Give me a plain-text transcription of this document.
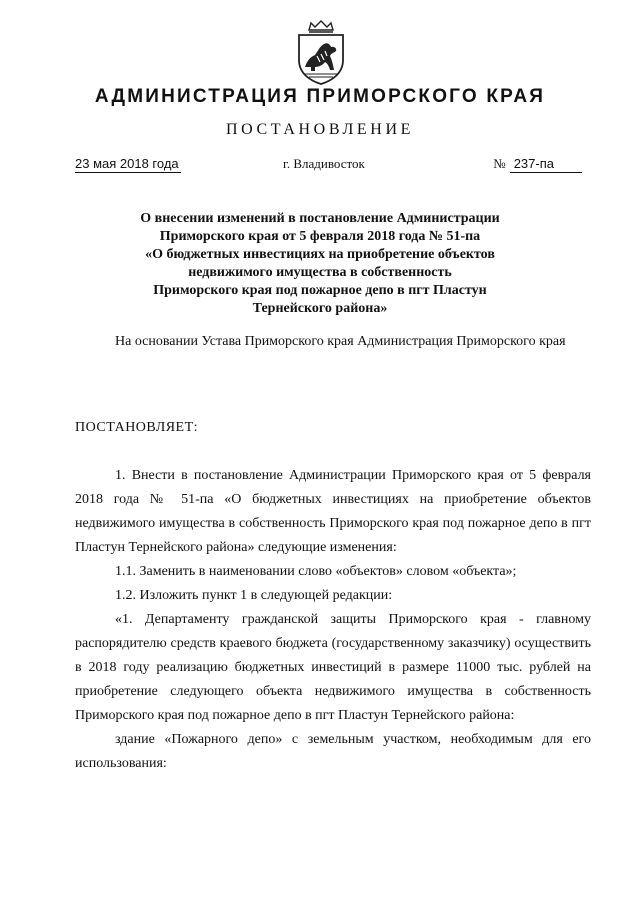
АДМИНИСТРАЦИЯ ПРИМОРСКОГО КРАЯ
ПОСТАНОВЛЕНИЕ
23 мая 2018 года	г. Владивосток	№ 237-па
О внесении изменений в постановление Администрации
Приморского края от 5 февраля 2018 года № 51-па
«О бюджетных инвестициях на приобретение объектов
недвижимого имущества в собственность
Приморского края под пожарное депо в пгт Пластун
Тернейского района»

На основании Устава Приморского края Администрация Приморского края

ПОСТАНОВЛЯЕТ:

1. Внести в постановление Администрации Приморского края от 5 февраля 2018 года № 51-па «О бюджетных инвестициях на приобретение объектов недвижимого имущества в собственность Приморского края под пожарное депо в пгт Пластун Тернейского района» следующие изменения:

1.1. Заменить в наименовании слово «объектов» словом «объекта»;

1.2. Изложить пункт 1 в следующей редакции:

«1. Департаменту гражданской защиты Приморского края - главному распорядителю средств краевого бюджета (государственному заказчику) осуществить в 2018 году реализацию бюджетных инвестиций в размере 11000 тыс. рублей на приобретение следующего объекта недвижимого имущества в собственность Приморского края под пожарное депо в пгт Пластун Тернейского района:

здание «Пожарного депо» с земельным участком, необходимым для его использования:
